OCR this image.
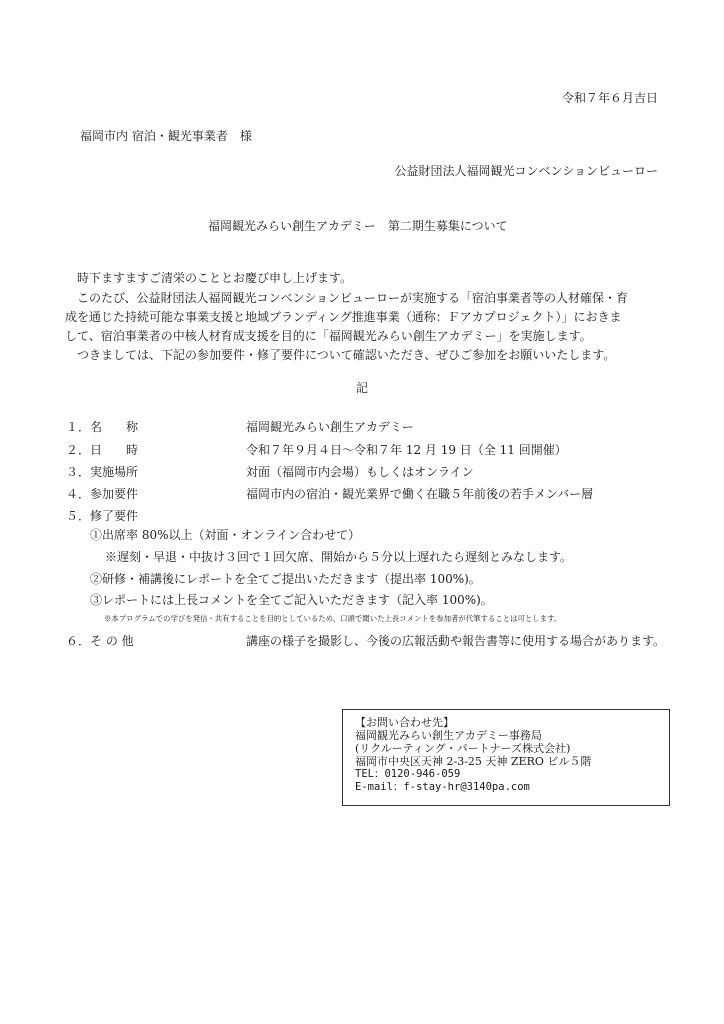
令和７年６月吉日
福岡市内 宿泊・観光事業者　様
公益財団法人福岡観光コンベンションビューロー
福岡観光みらい創生アカデミー　第二期生募集について
　時下ますますご清栄のこととお慶び申し上げます。
　このたび、公益財団法人福岡観光コンベンションビューローが実施する「宿泊事業者等の人材確保・育
成を通じた持続可能な事業支援と地域ブランディング推進事業（通称：Ｆアカプロジェクト）」におきま
して、宿泊事業者の中核人材育成支援を目的に「福岡観光みらい創生アカデミー」を実施します。
　つきましては、下記の参加要件・修了要件について確認いただき、ぜひご参加をお願いいたします。
記
１．名　　称	福岡観光みらい創生アカデミー
２．日　　時	令和７年９月４日～令和７年 12 月 19 日（全 11 回開催）
３．実施場所	対面（福岡市内会場）もしくはオンライン
４．参加要件	福岡市内の宿泊・観光業界で働く在職５年前後の若手メンバー層
５．修了要件
①出席率 80%以上（対面・オンライン合わせて）
※遅刻・早退・中抜け３回で１回欠席、開始から５分以上遅れたら遅刻とみなします。
②研修・補講後にレポートを全てご提出いただきます（提出率 100%)。
③レポートには上長コメントを全てご記入いただきます（記入率 100%)。
※本プログラムでの学びを発信・共有することを目的としているため、口頭で聞いた上長コメントを参加者が代筆することは可とします。
６．そ の 他	講座の様子を撮影し、今後の広報活動や報告書等に使用する場合があります。
【お問い合わせ先】
福岡観光みらい創生アカデミー事務局
(リクルーティング・パートナーズ株式会社)
福岡市中央区天神 2-3-25 天神 ZERO ビル５階
TEL：0120-946-059
E-mail：f-stay-hr@3140pa.com
